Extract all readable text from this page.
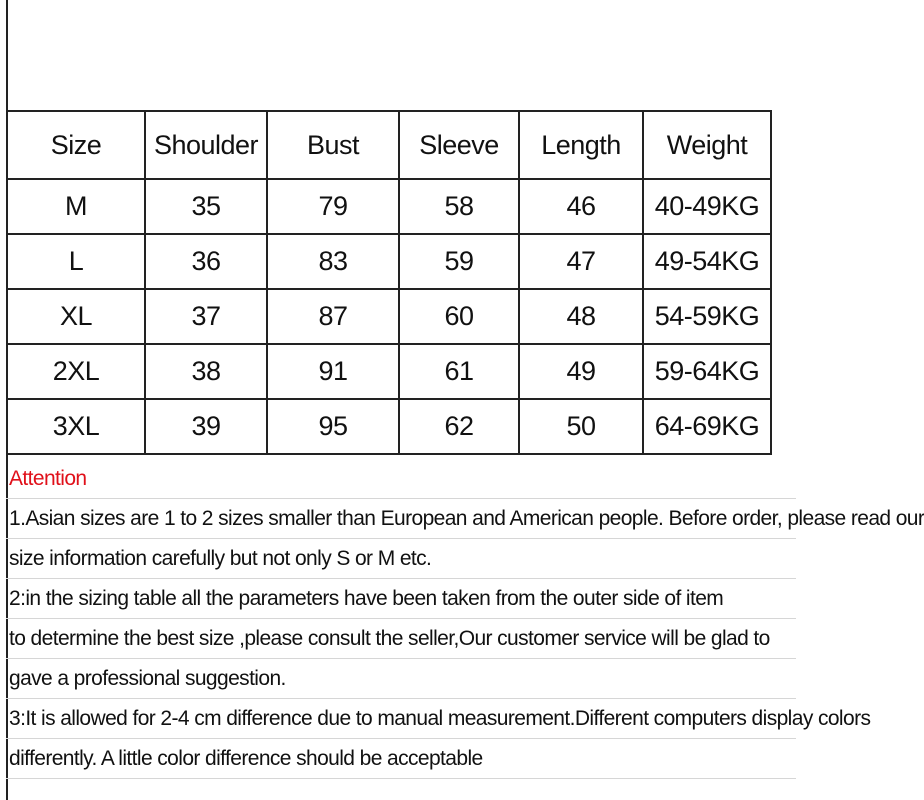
Size	Shoulder	Bust	Sleeve	Length	Weight
M	35	79	58	46	40-49KG
L	36	83	59	47	49-54KG
XL	37	87	60	48	54-59KG
2XL	38	91	61	49	59-64KG
3XL	39	95	62	50	64-69KG
Attention
1.Asian sizes are 1 to 2 sizes smaller than European and American people. Before order, please read our
size information carefully but not only S or M etc.
2:in the sizing table all the parameters have been taken from the outer side of item
to determine the best size ,please consult the seller,Our customer service will be glad to
gave a professional suggestion.
3:It is allowed for 2-4 cm difference due to manual measurement.Different computers display colors
differently. A little color difference should be acceptable
